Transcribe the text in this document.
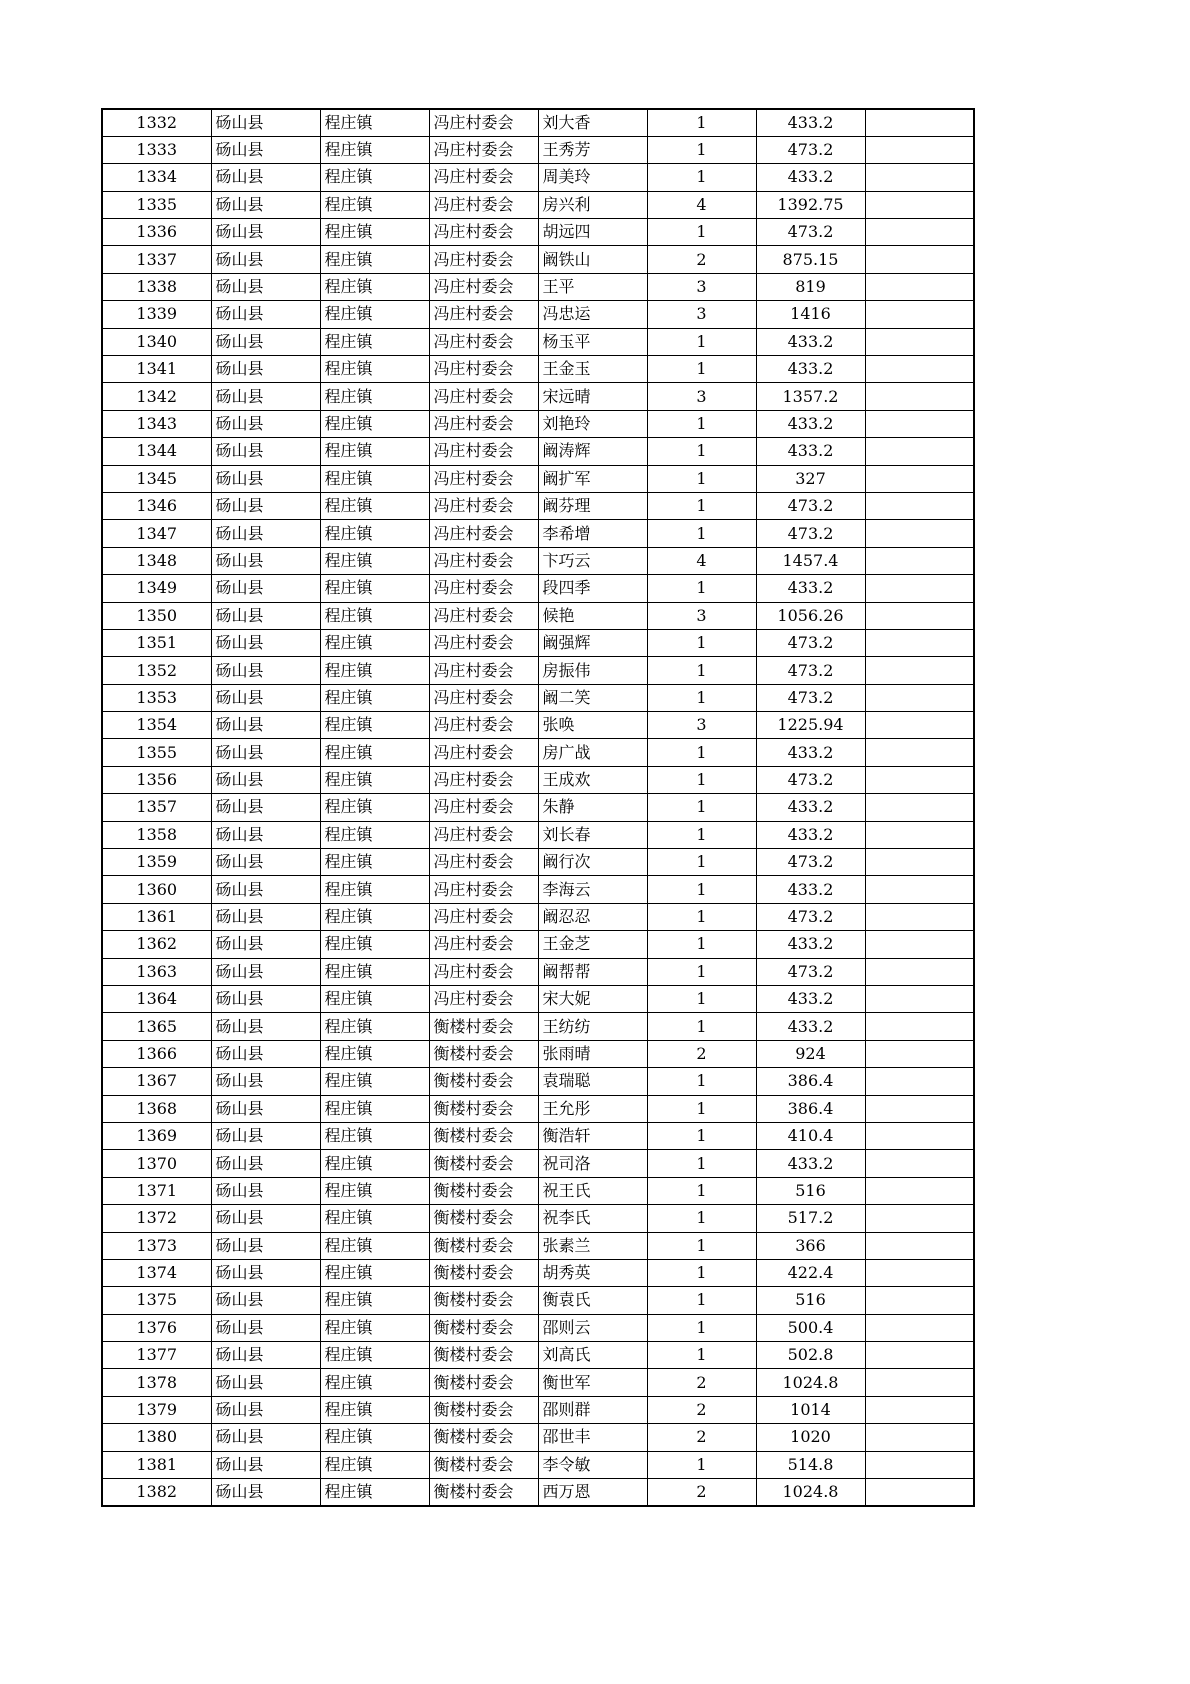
1332	砀山县	程庄镇	冯庄村委会	刘大香	1	433.2	
1333	砀山县	程庄镇	冯庄村委会	王秀芳	1	473.2	
1334	砀山县	程庄镇	冯庄村委会	周美玲	1	433.2	
1335	砀山县	程庄镇	冯庄村委会	房兴利	4	1392.75	
1336	砀山县	程庄镇	冯庄村委会	胡远四	1	473.2	
1337	砀山县	程庄镇	冯庄村委会	阚铁山	2	875.15	
1338	砀山县	程庄镇	冯庄村委会	王平	3	819	
1339	砀山县	程庄镇	冯庄村委会	冯忠运	3	1416	
1340	砀山县	程庄镇	冯庄村委会	杨玉平	1	433.2	
1341	砀山县	程庄镇	冯庄村委会	王金玉	1	433.2	
1342	砀山县	程庄镇	冯庄村委会	宋远晴	3	1357.2	
1343	砀山县	程庄镇	冯庄村委会	刘艳玲	1	433.2	
1344	砀山县	程庄镇	冯庄村委会	阚涛辉	1	433.2	
1345	砀山县	程庄镇	冯庄村委会	阚扩军	1	327	
1346	砀山县	程庄镇	冯庄村委会	阚芬理	1	473.2	
1347	砀山县	程庄镇	冯庄村委会	李希增	1	473.2	
1348	砀山县	程庄镇	冯庄村委会	卞巧云	4	1457.4	
1349	砀山县	程庄镇	冯庄村委会	段四季	1	433.2	
1350	砀山县	程庄镇	冯庄村委会	候艳	3	1056.26	
1351	砀山县	程庄镇	冯庄村委会	阚强辉	1	473.2	
1352	砀山县	程庄镇	冯庄村委会	房振伟	1	473.2	
1353	砀山县	程庄镇	冯庄村委会	阚二笑	1	473.2	
1354	砀山县	程庄镇	冯庄村委会	张唤	3	1225.94	
1355	砀山县	程庄镇	冯庄村委会	房广战	1	433.2	
1356	砀山县	程庄镇	冯庄村委会	王成欢	1	473.2	
1357	砀山县	程庄镇	冯庄村委会	朱静	1	433.2	
1358	砀山县	程庄镇	冯庄村委会	刘长春	1	433.2	
1359	砀山县	程庄镇	冯庄村委会	阚行次	1	473.2	
1360	砀山县	程庄镇	冯庄村委会	李海云	1	433.2	
1361	砀山县	程庄镇	冯庄村委会	阚忍忍	1	473.2	
1362	砀山县	程庄镇	冯庄村委会	王金芝	1	433.2	
1363	砀山县	程庄镇	冯庄村委会	阚帮帮	1	473.2	
1364	砀山县	程庄镇	冯庄村委会	宋大妮	1	433.2	
1365	砀山县	程庄镇	衡楼村委会	王纺纺	1	433.2	
1366	砀山县	程庄镇	衡楼村委会	张雨晴	2	924	
1367	砀山县	程庄镇	衡楼村委会	袁瑞聪	1	386.4	
1368	砀山县	程庄镇	衡楼村委会	王允彤	1	386.4	
1369	砀山县	程庄镇	衡楼村委会	衡浩轩	1	410.4	
1370	砀山县	程庄镇	衡楼村委会	祝司洛	1	433.2	
1371	砀山县	程庄镇	衡楼村委会	祝王氏	1	516	
1372	砀山县	程庄镇	衡楼村委会	祝李氏	1	517.2	
1373	砀山县	程庄镇	衡楼村委会	张素兰	1	366	
1374	砀山县	程庄镇	衡楼村委会	胡秀英	1	422.4	
1375	砀山县	程庄镇	衡楼村委会	衡袁氏	1	516	
1376	砀山县	程庄镇	衡楼村委会	邵则云	1	500.4	
1377	砀山县	程庄镇	衡楼村委会	刘高氏	1	502.8	
1378	砀山县	程庄镇	衡楼村委会	衡世军	2	1024.8	
1379	砀山县	程庄镇	衡楼村委会	邵则群	2	1014	
1380	砀山县	程庄镇	衡楼村委会	邵世丰	2	1020	
1381	砀山县	程庄镇	衡楼村委会	李令敏	1	514.8	
1382	砀山县	程庄镇	衡楼村委会	西万恩	2	1024.8	
